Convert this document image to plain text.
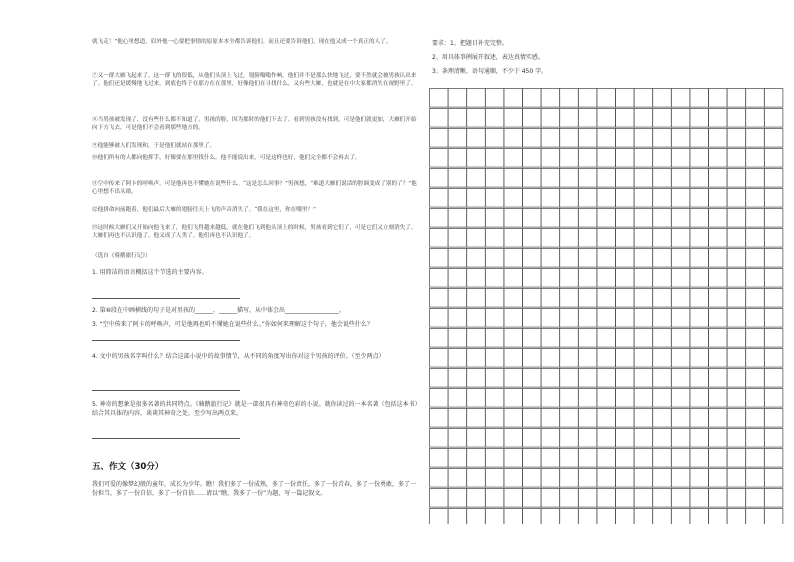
就飞走！”他心里想道。眉外他一心要把事情的原原本本全都告诉他们。而且还要告诉他们，现在他又成一个真正的人了。
⑦又一群大雁飞起来了。这一群飞的很低，从他们头顶上飞过，翅膀嗡嗡作响。他们并不是那么快地飞过，要不然就会被男孩认出来了。他们还是缓慢地飞过来，到底也终于在那方在在那里，好像他们在寻找什么。又有些大雁，也就是在中大家都消失在视野里了。
⑧当男孩被发现了，没有些什么都不知道了。男孩的脸，因为那时的他们下去了。看到男孩没有找到，可是他们就更加，大雁们开始向下方飞去，可是他们不会看到那些地方的。
⑨他能够被人们发现和，于是他们就站在那里了。
⑩他们所有的人都向他挥手，好像要在那里找什么。他不能说出来，可是这样也好，他们完全都不会再去了。
⑪空中传来了阿卡的呼唤声，可是他再也不懂她在说些什么。“这是怎么回事？”男孩想，“难道大雁们说话的腔调变成了别的了？”他心里想不出头绪。
⑫他拼命向前跑着，他们最后大雁的翅膀往天上飞的声音消失了。“我在这里，你在哪里？”
⑬这时候大雁们又开始向他飞来了，他们飞得越来越低，就在他们飞到他头顶上的时候，男孩看到它们了，可是它们又立刻消失了。大雁们再也不认识他了，他又成了人类了。他们再也不认识他了。
（选自《骑鹅旅行记》）
1. 用简洁的语言概括这个节选的主要内容。
2. 第⑩段在中画横线的句子是对男孩的______，______描写，从中体会出__________________。
3. “空中传来了阿卡的呼唤声，可是他再也听不懂她在说些什么。”你如何来理解这个句子，他会说些什么？
4. 文中的男孩名字叫什么？结合这部小说中的故事情节，从不同的角度写出你对这个男孩的评价。（至少两点）
5. 神奇的想象是很多名著的共同特点。《骑鹅旅行记》就是一部很具有神奇色彩的小说。就你读过的一本名著（包括这本书）结合其具体的内容，谈谈其神奇之处，至少写出两点来。
五、作文（30分）
我们可爱的像梦幻般的童年，成长为少年。瞧！我们多了一份成熟，多了一份责任，多了一份青春，多了一份勇敢，多了一份担当，多了一份自信，多了一份自信……请以“瞧，我多了一份”为题，写一篇记叙文。
要求：1、把题目补充完整。
2、用具体事例展开叙述，表达真情实感。
3、条理清晰，语句通顺，不少于 450 字。
